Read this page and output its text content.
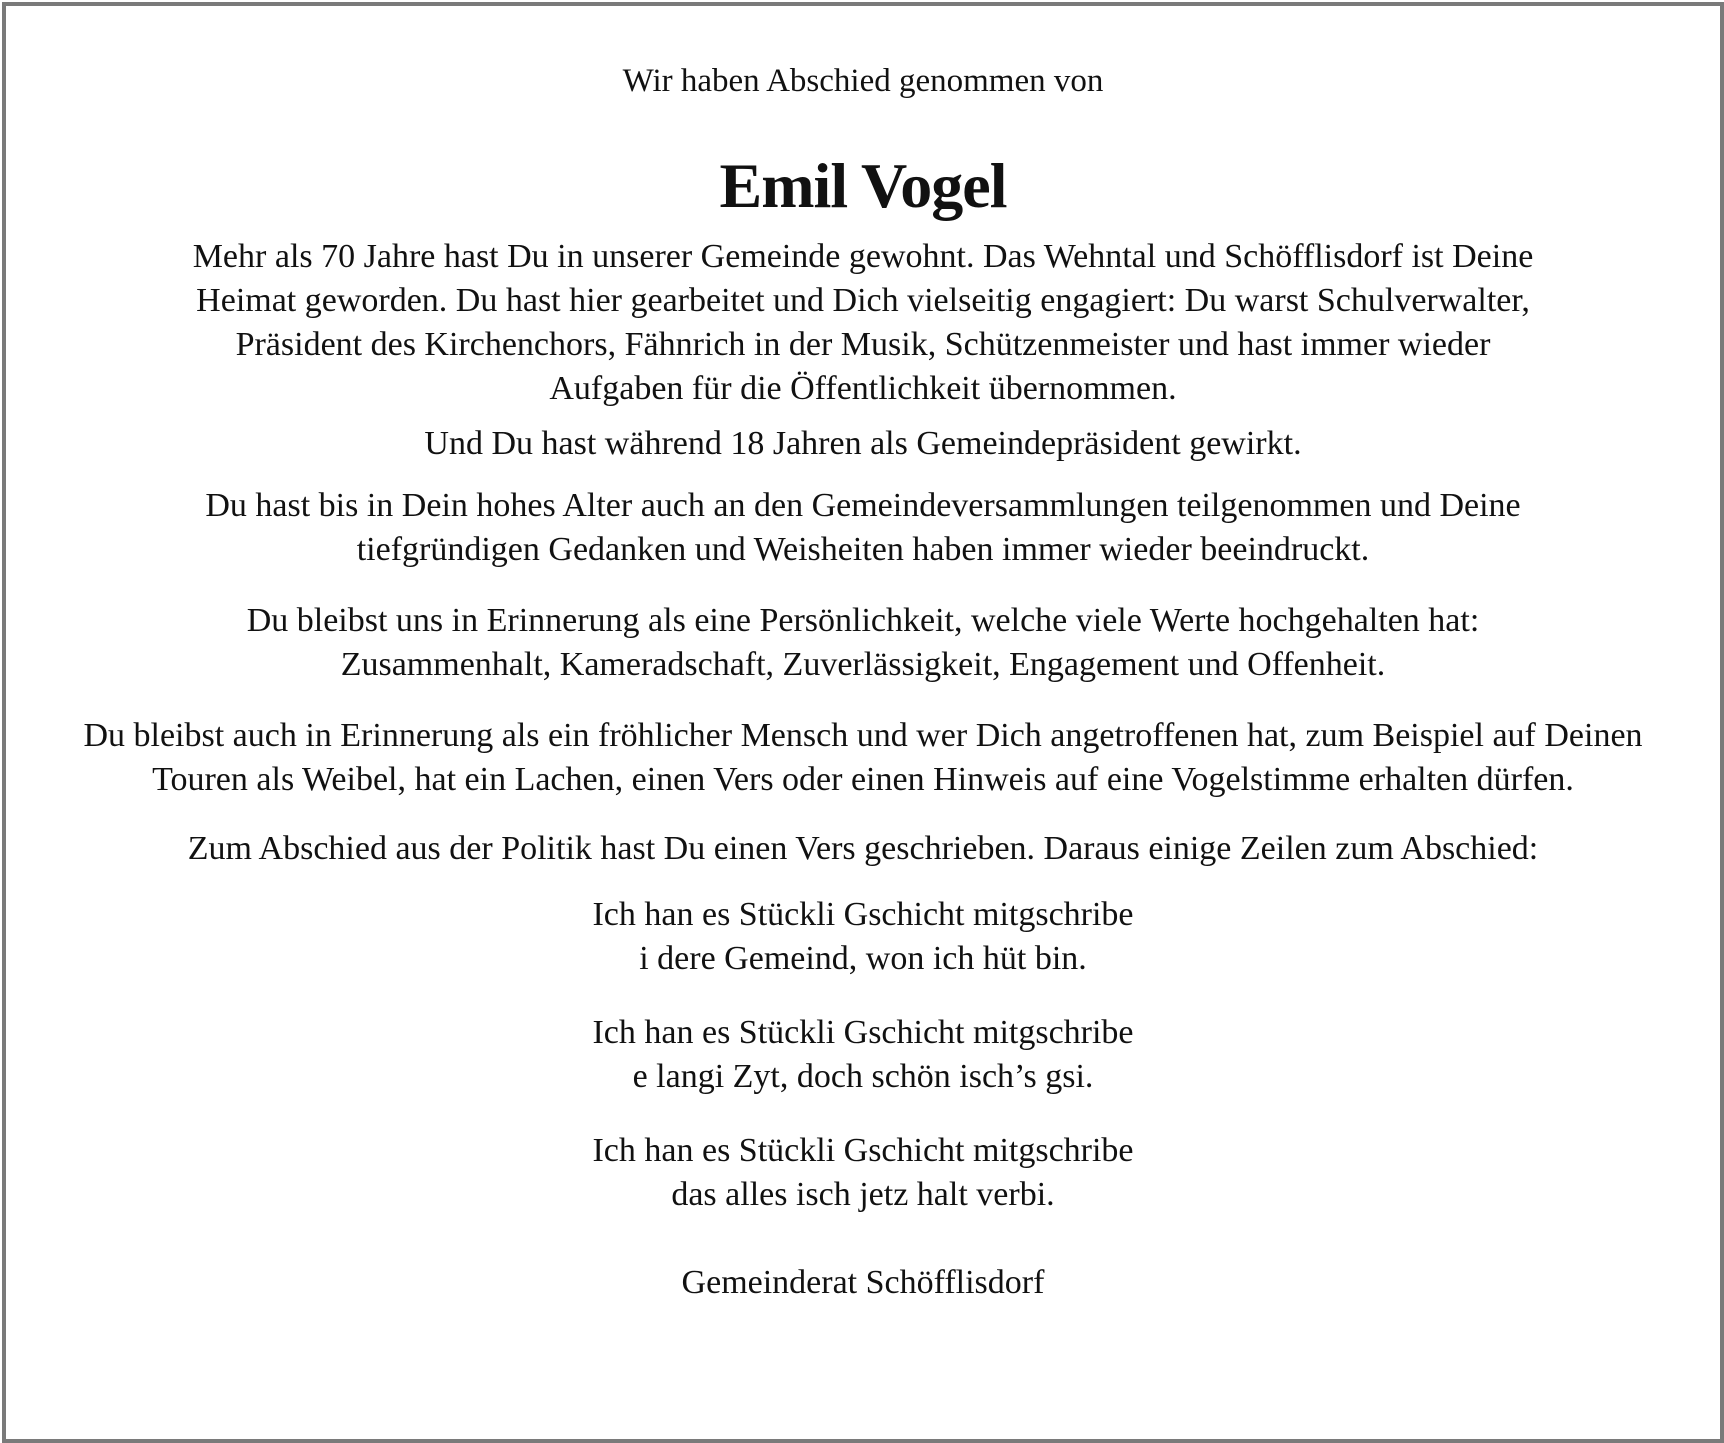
Wir haben Abschied genommen von
Emil Vogel
Mehr als 70 Jahre hast Du in unserer Gemeinde gewohnt. Das Wehntal und Schöfflisdorf ist Deine
Heimat geworden. Du hast hier gearbeitet und Dich vielseitig engagiert: Du warst Schulverwalter,
Präsident des Kirchenchors, Fähnrich in der Musik, Schützenmeister und hast immer wieder
Aufgaben für die Öffentlichkeit übernommen.
Und Du hast während 18 Jahren als Gemeindepräsident gewirkt.
Du hast bis in Dein hohes Alter auch an den Gemeindeversammlungen teilgenommen und Deine
tiefgründigen Gedanken und Weisheiten haben immer wieder beeindruckt.
Du bleibst uns in Erinnerung als eine Persönlichkeit, welche viele Werte hochgehalten hat:
Zusammenhalt, Kameradschaft, Zuverlässigkeit, Engagement und Offenheit.
Du bleibst auch in Erinnerung als ein fröhlicher Mensch und wer Dich angetroffenen hat, zum Beispiel auf Deinen
Touren als Weibel, hat ein Lachen, einen Vers oder einen Hinweis auf eine Vogelstimme erhalten dürfen.
Zum Abschied aus der Politik hast Du einen Vers geschrieben. Daraus einige Zeilen zum Abschied:
Ich han es Stückli Gschicht mitgschribe
i dere Gemeind, won ich hüt bin.
Ich han es Stückli Gschicht mitgschribe
e langi Zyt, doch schön isch’s gsi.
Ich han es Stückli Gschicht mitgschribe
das alles isch jetz halt verbi.
Gemeinderat Schöfflisdorf
